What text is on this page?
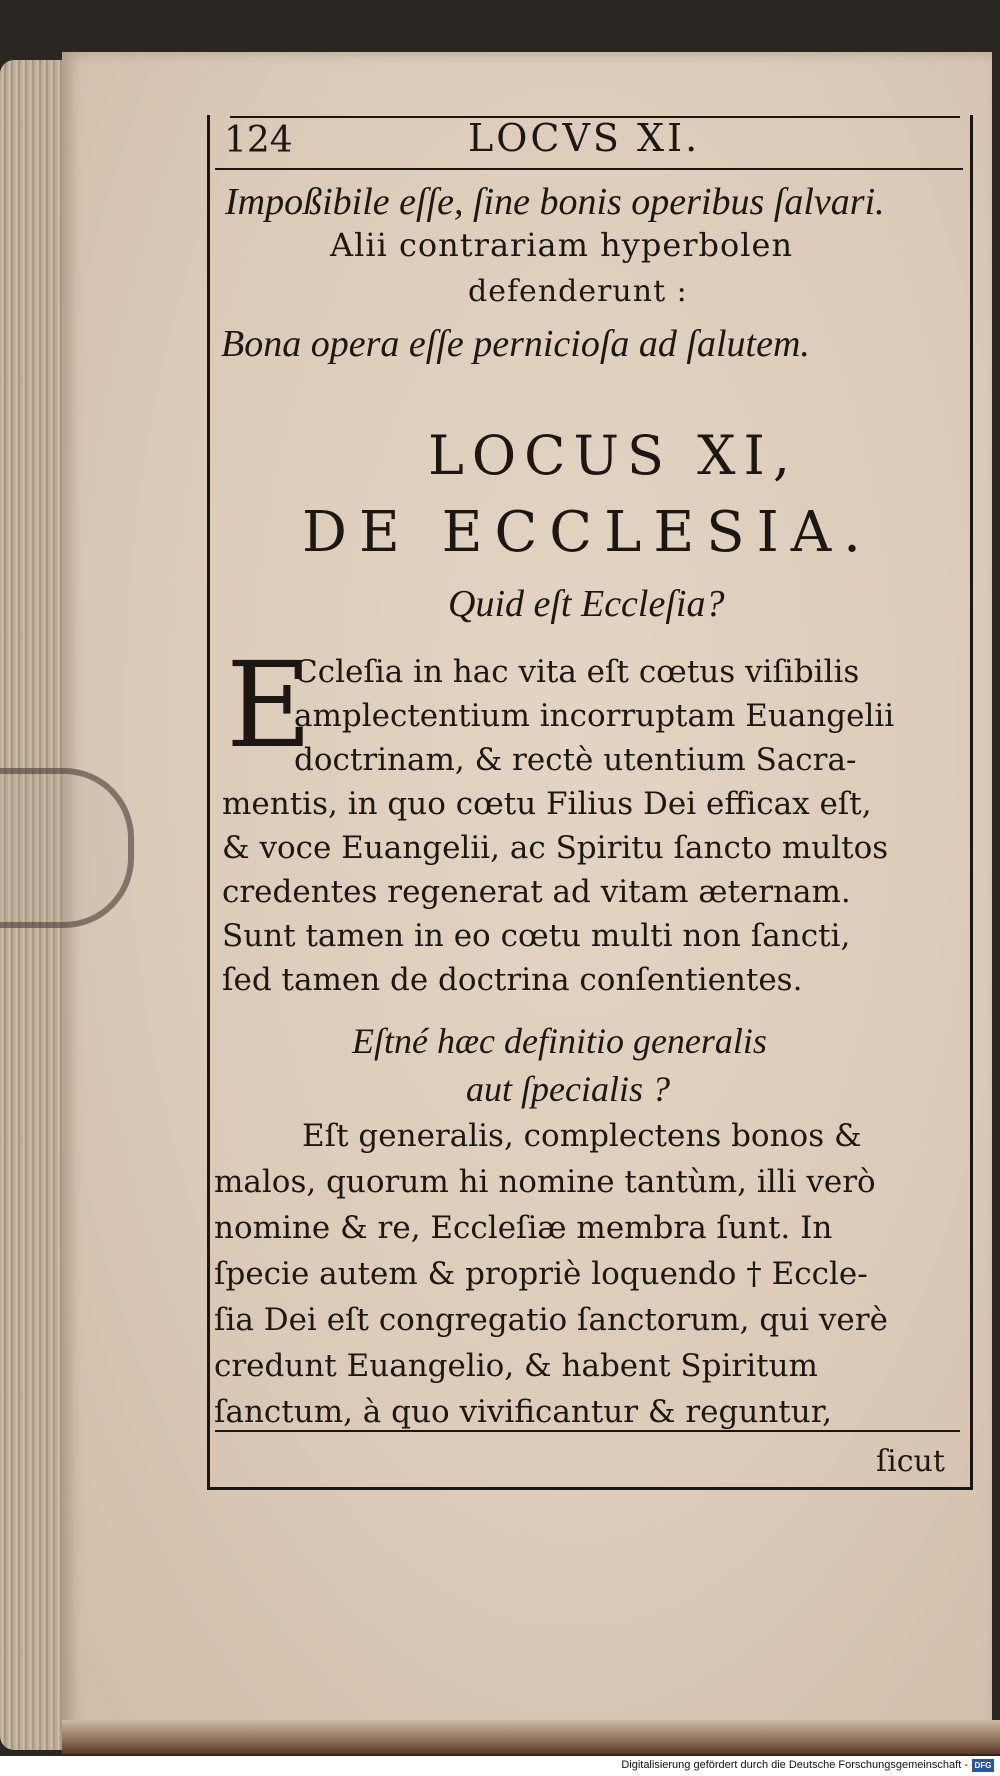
124	LOCVS XI.
Impoßibile eſſe, ſine bonis operibus ſalvari.
Alii contrariam hyperbolen
defenderunt :
Bona opera eſſe pernicioſa ad ſalutem.
LOCUS XI,
DE ECCLESIA.
Quid eſt Eccleſia?
E
Ccleſia in hac vita eſt cœtus viſibilis
amplectentium incorruptam Euangelii
doctrinam, & rectè utentium Sacra-
mentis, in quo cœtu Filius Dei efficax eſt,
& voce Euangelii, ac Spiritu ſancto multos
credentes regenerat ad vitam æternam.
Sunt tamen in eo cœtu multi non ſancti,
ſed tamen de doctrina conſentientes.
Eſtné hæc definitio generalis
aut ſpecialis ?
Eſt generalis, complectens bonos &
malos, quorum hi nomine tantùm, illi verò
nomine & re, Eccleſiæ membra ſunt. In
ſpecie autem & propriè loquendo † Eccle-
ſia Dei eſt congregatio ſanctorum, qui verè
credunt Euangelio, & habent Spiritum
ſanctum, à quo vivificantur & reguntur,
ſicut
Digitalisierung gefördert durch die Deutsche Forschungsgemeinschaft - DFG
